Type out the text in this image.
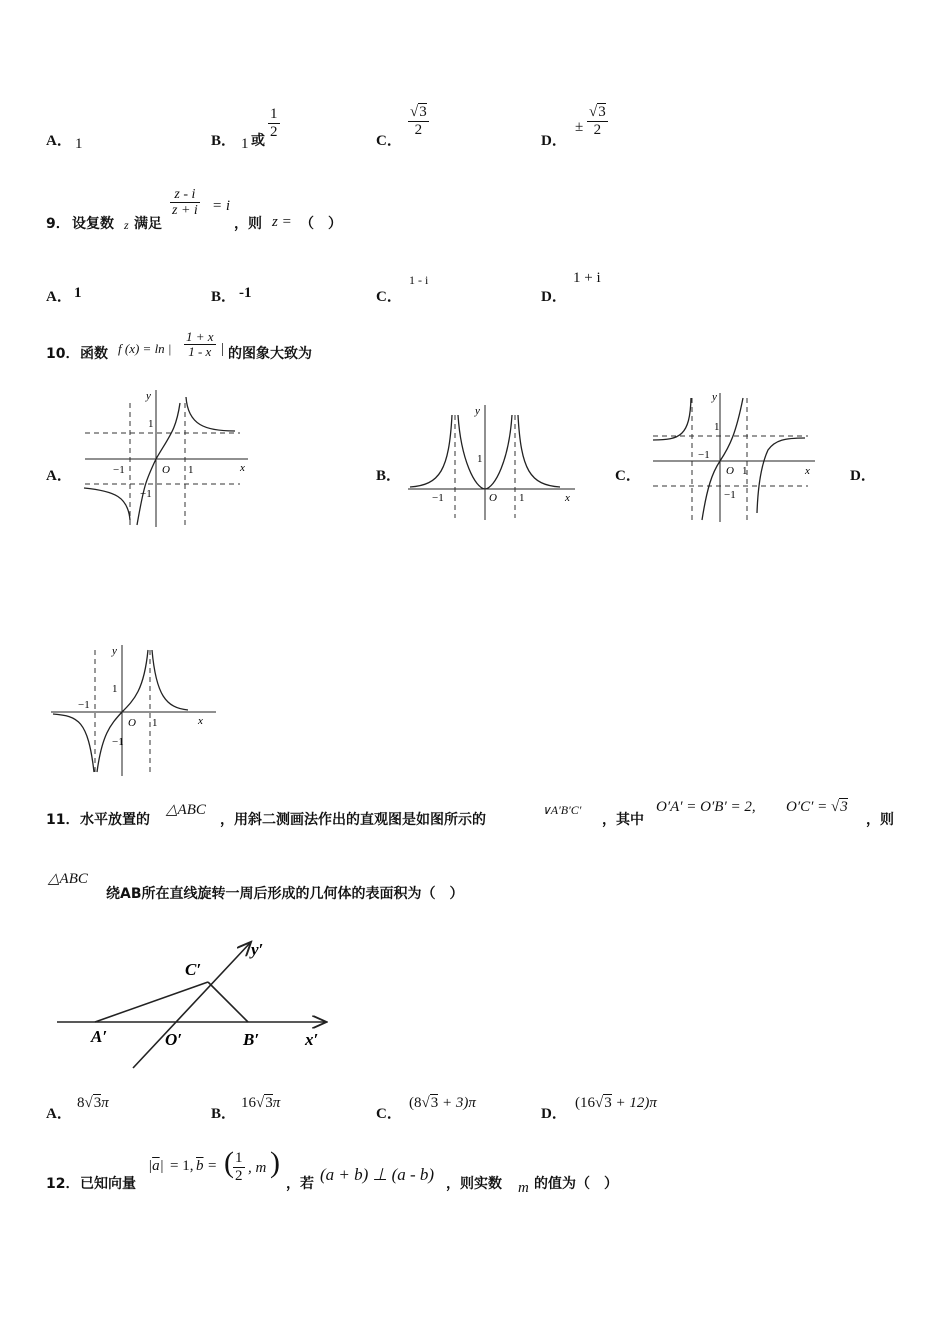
A． 1	B． 1 或
$\frac{1}{2}$
C．
$\frac{√3}{2}$
D．
± $\frac{√3}{2}$
9． 设复数 z 满足
$\frac{z - i}{z + i} = i$
，则 z = （　）
A． 1	B． -1	C．
1 - i
D．
1 + i
10． 函数 f (x) = ln | $\frac{1 + x}{1 - x}$ | 的图象大致为
A．	B．	C．	D．
y
x
O
1
1
−1
−1
y
x
O
1
1
−1
y
x
O
1
1
−1
−1
y
x
O
1
1
−1
−1
11． 水平放置的
△ABC
，用斜二测画法作出的直观图是如图所示的
∨A′B′C′
，其中
O′A′ = O′B′ = 2, O′C′ = √3
，则
△ABC
绕AB所在直线旋转一周后形成的几何体的表面积为（　）
C′
y′
A′	O′	B′	x′
A．
8√3π
B．
16√3π
C．
(8√3 + 3)π
D．
(16√3 + 12)π
12． 已知向量
$|\overline{a}| = 1$, $\overline{b}$ = ( $\frac{1}{2}$ , m )
，若 (a + b) ⊥ (a - b) ，则实数 m 的值为（　）
